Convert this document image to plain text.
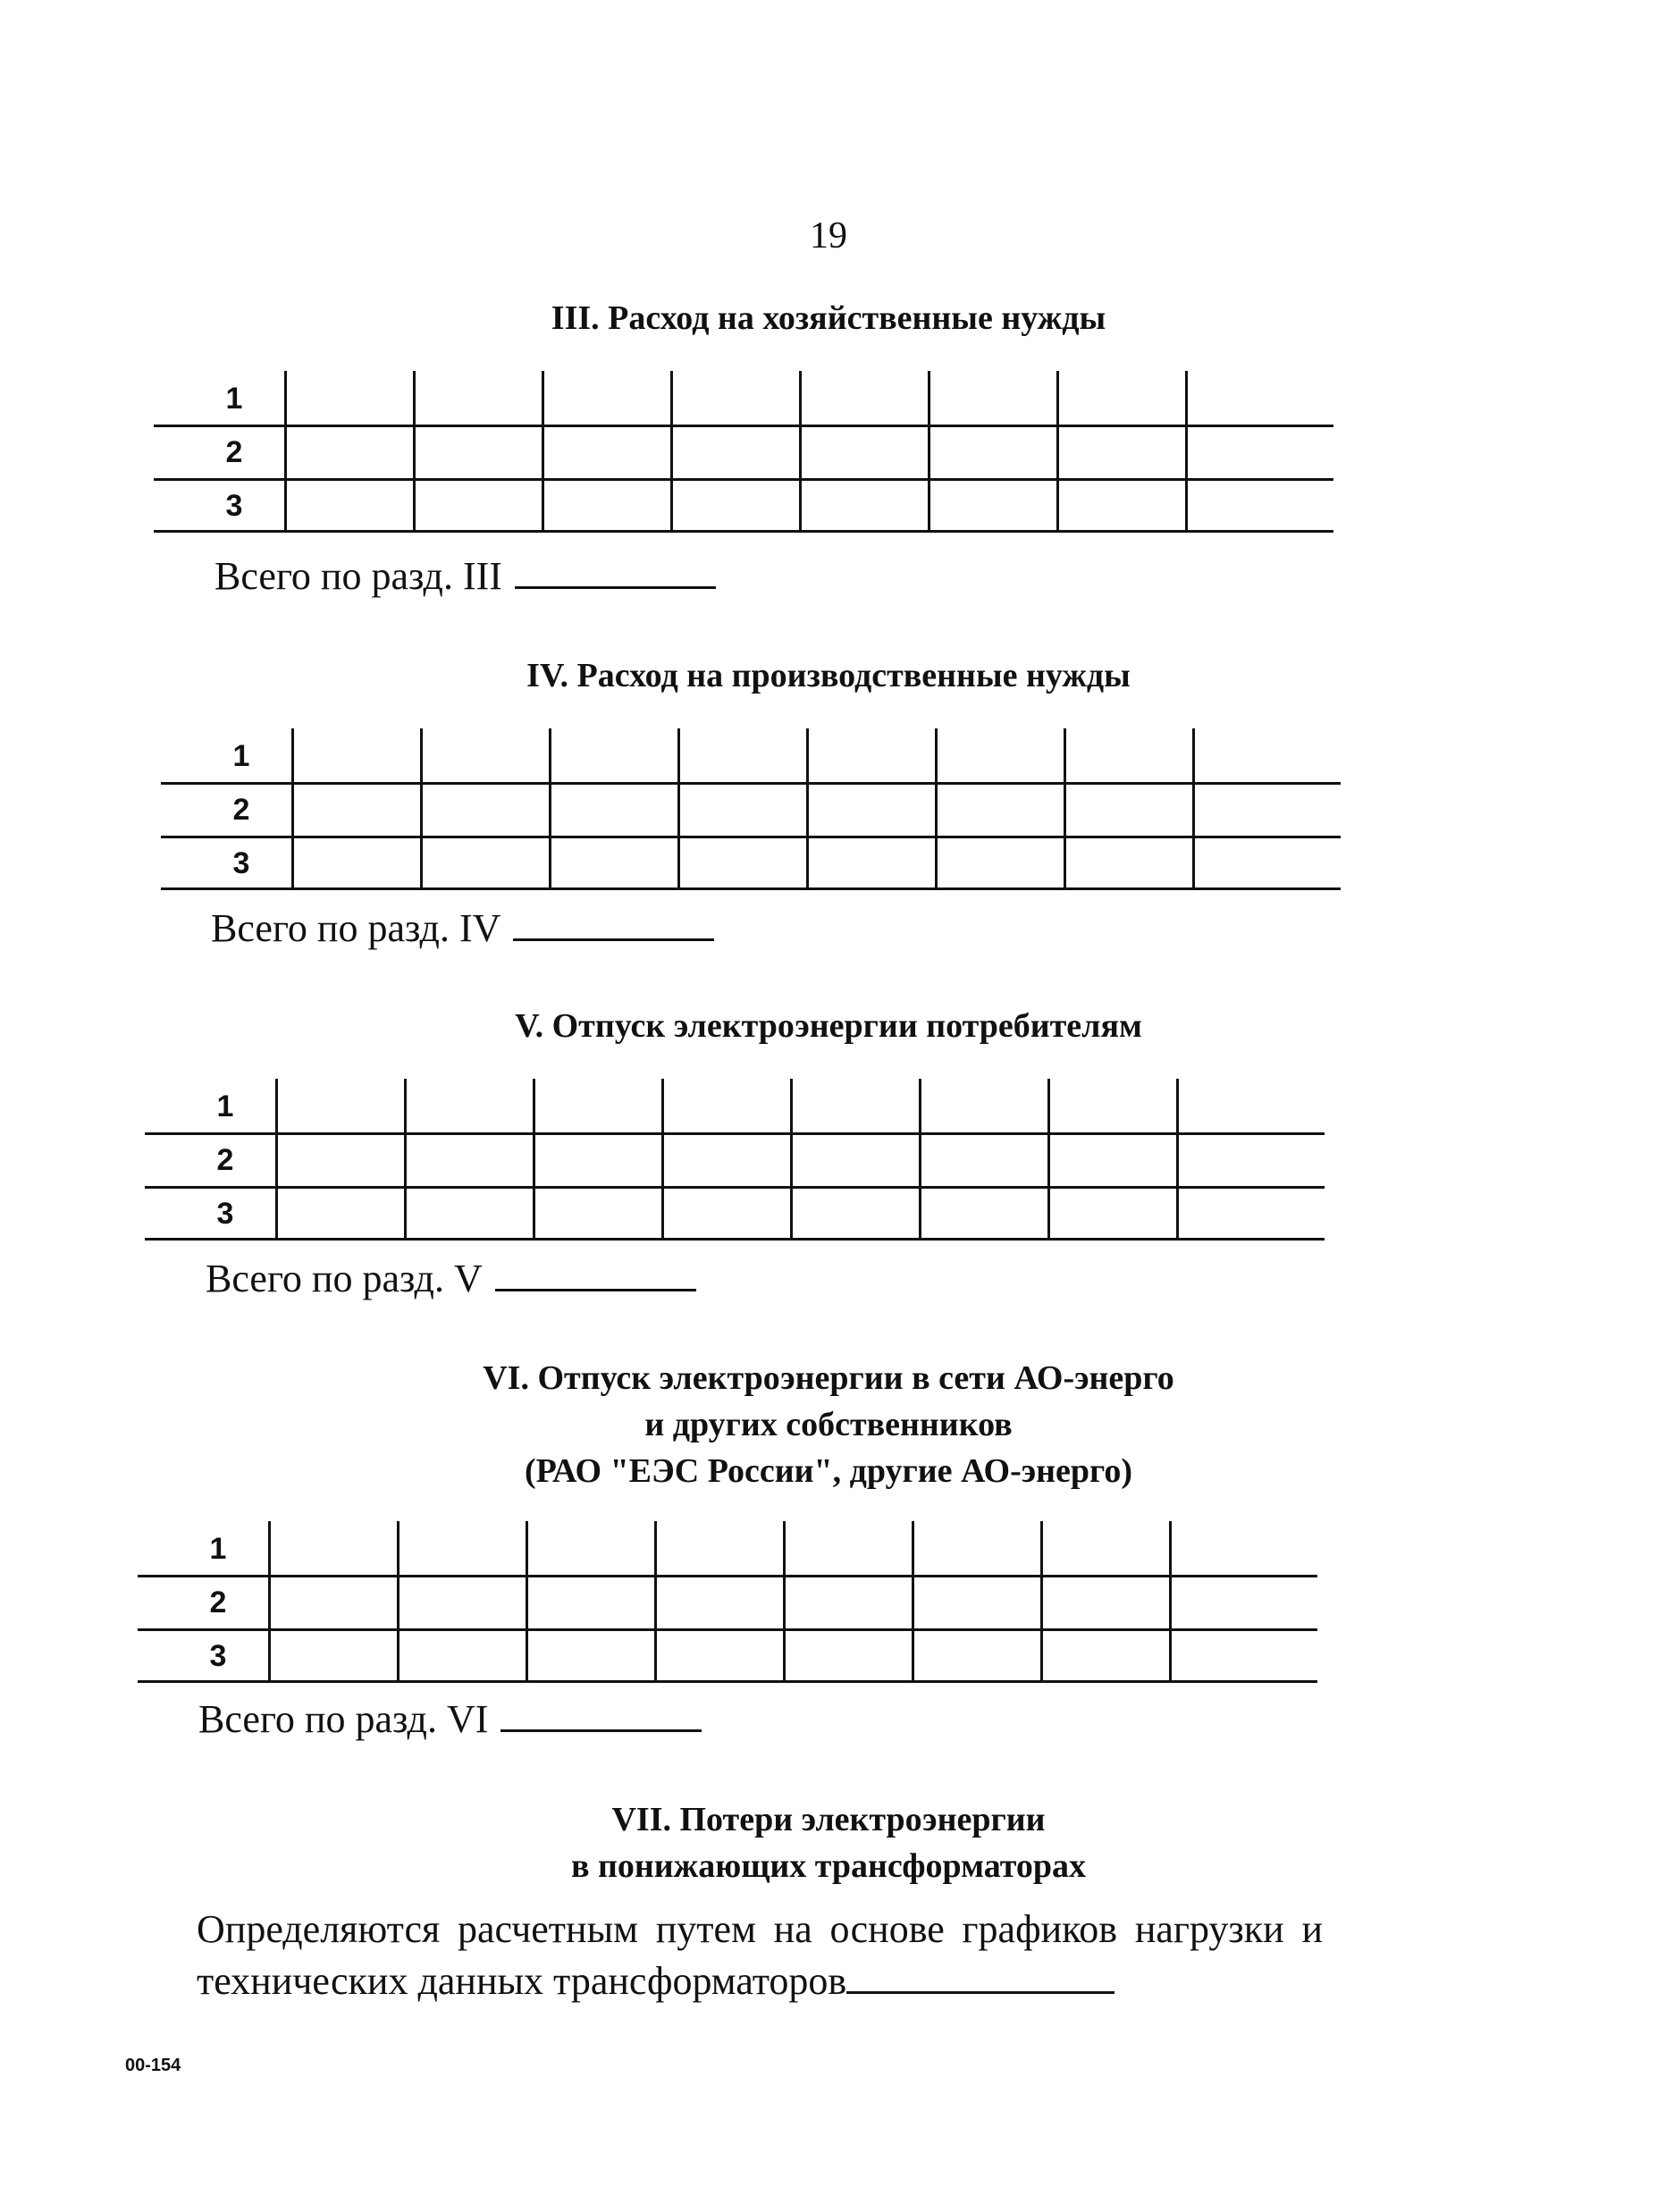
19
III. Расход на хозяйственные нужды
1
2
3
Всего по разд. III
IV. Расход на производственные нужды
1
2
3
Всего по разд. IV
V. Отпуск электроэнергии потребителям
1
2
3
Всего по разд. V
VI. Отпуск электроэнергии в сети АО-энерго
и других собственников
(РАО "ЕЭС России", другие АО-энерго)
1
2
3
Всего по разд. VI
VII. Потери электроэнергии
в понижающих трансформаторах
Определяются расчетным путем на основе графиков нагрузки и технических данных трансформаторов
00-154
